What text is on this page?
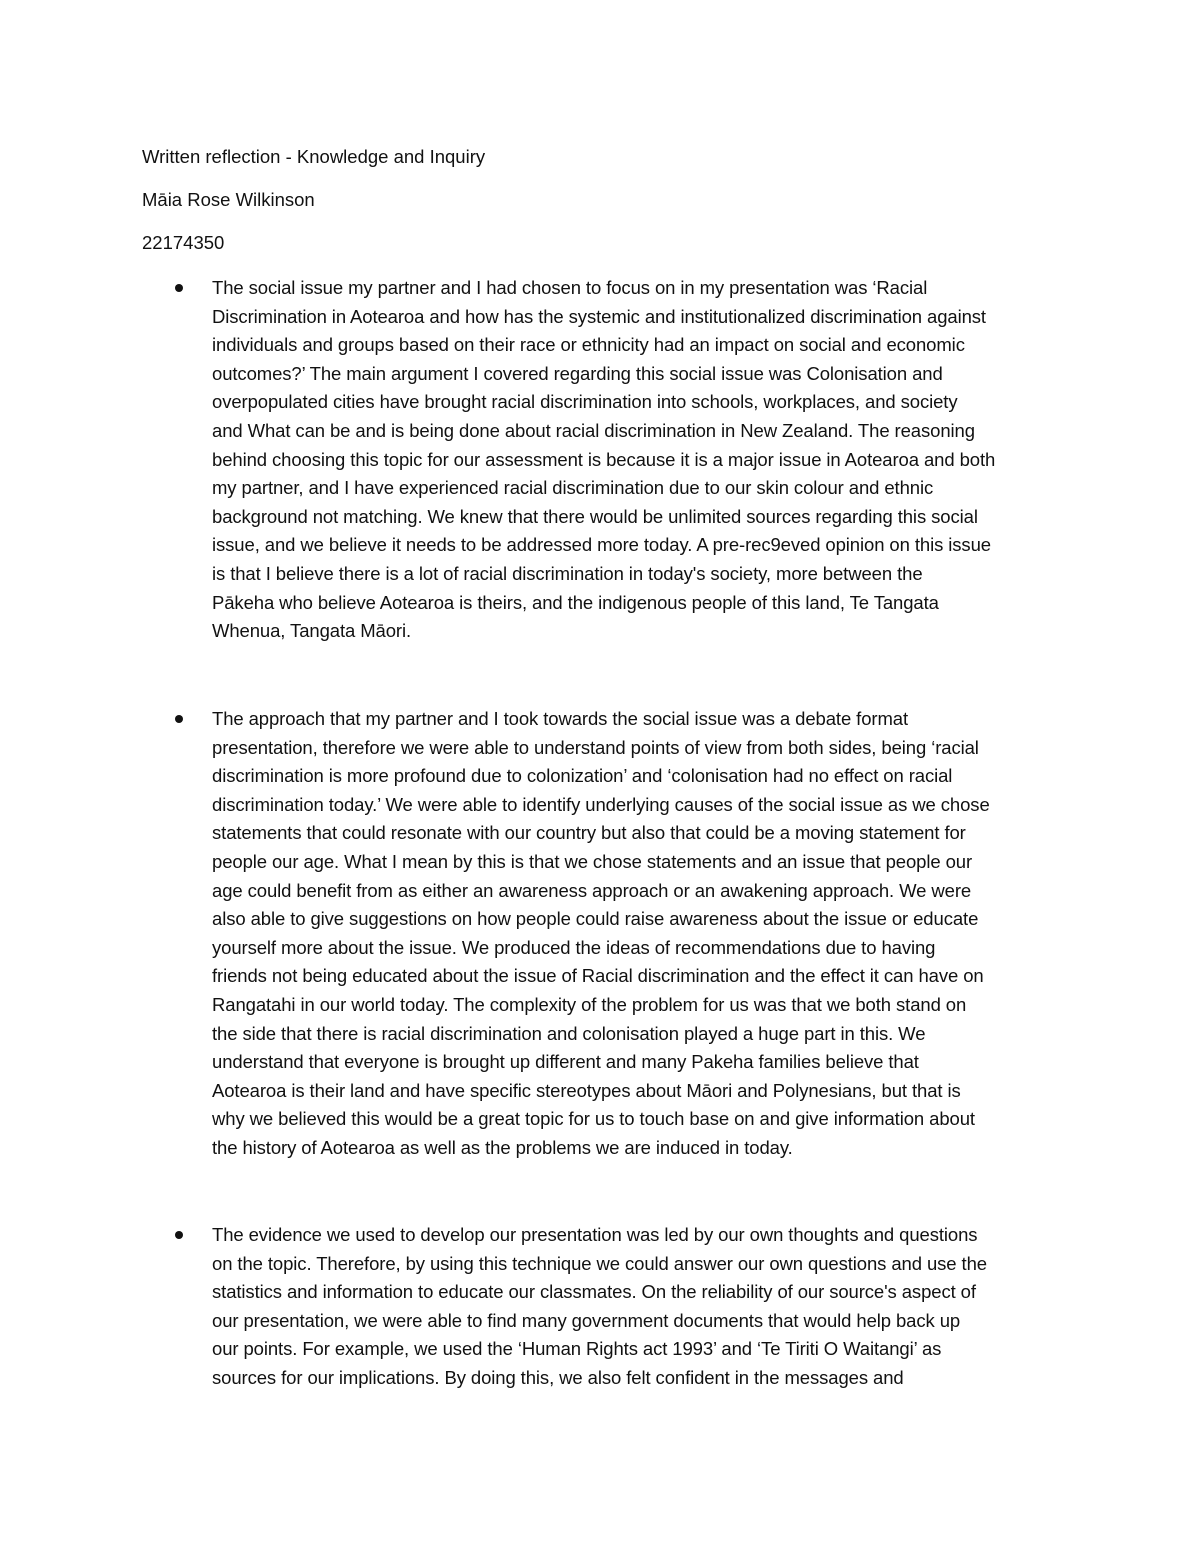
Written reflection - Knowledge and Inquiry
Māia Rose Wilkinson
22174350
The social issue my partner and I had chosen to focus on in my presentation was ‘Racial
Discrimination in Aotearoa and how has the systemic and institutionalized discrimination against
individuals and groups based on their race or ethnicity had an impact on social and economic
outcomes?’ The main argument I covered regarding this social issue was Colonisation and
overpopulated cities have brought racial discrimination into schools, workplaces, and society
and What can be and is being done about racial discrimination in New Zealand. The reasoning
behind choosing this topic for our assessment is because it is a major issue in Aotearoa and both
my partner, and I have experienced racial discrimination due to our skin colour and ethnic
background not matching. We knew that there would be unlimited sources regarding this social
issue, and we believe it needs to be addressed more today. A pre-rec9eved opinion on this issue
is that I believe there is a lot of racial discrimination in today's society, more between the
Pākeha who believe Aotearoa is theirs, and the indigenous people of this land, Te Tangata
Whenua, Tangata Māori.
The approach that my partner and I took towards the social issue was a debate format
presentation, therefore we were able to understand points of view from both sides, being ‘racial
discrimination is more profound due to colonization’ and ‘colonisation had no effect on racial
discrimination today.’ We were able to identify underlying causes of the social issue as we chose
statements that could resonate with our country but also that could be a moving statement for
people our age. What I mean by this is that we chose statements and an issue that people our
age could benefit from as either an awareness approach or an awakening approach. We were
also able to give suggestions on how people could raise awareness about the issue or educate
yourself more about the issue. We produced the ideas of recommendations due to having
friends not being educated about the issue of Racial discrimination and the effect it can have on
Rangatahi in our world today. The complexity of the problem for us was that we both stand on
the side that there is racial discrimination and colonisation played a huge part in this. We
understand that everyone is brought up different and many Pakeha families believe that
Aotearoa is their land and have specific stereotypes about Māori and Polynesians, but that is
why we believed this would be a great topic for us to touch base on and give information about
the history of Aotearoa as well as the problems we are induced in today.
The evidence we used to develop our presentation was led by our own thoughts and questions
on the topic. Therefore, by using this technique we could answer our own questions and use the
statistics and information to educate our classmates. On the reliability of our source's aspect of
our presentation, we were able to find many government documents that would help back up
our points. For example, we used the ‘Human Rights act 1993’ and ‘Te Tiriti O Waitangi’ as
sources for our implications. By doing this, we also felt confident in the messages and
